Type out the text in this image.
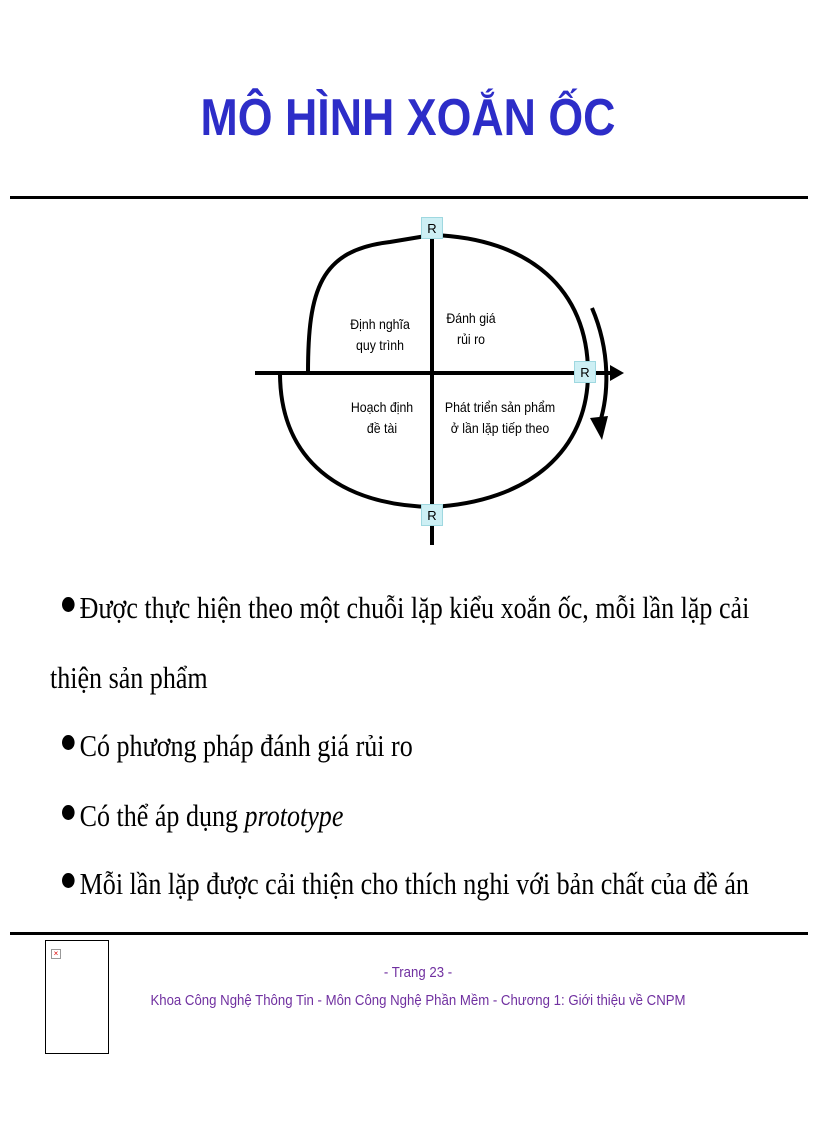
MÔ HÌNH XOẮN ỐC
R
R
R
Định nghĩa
quy trình
Đánh giá
rủi ro
Hoạch định
đề tài
Phát triển sản phẩm
ở lần lặp tiếp theo
Được thực hiện theo một chuỗi lặp kiểu xoắn ốc, mỗi lần lặp cải
thiện sản phẩm
Có phương pháp đánh giá rủi ro
Có thể áp dụng prototype
Mỗi lần lặp được cải thiện cho thích nghi với bản chất của đề án
×
- Trang 23 -
Khoa Công Nghệ Thông Tin - Môn Công Nghệ Phần Mềm - Chương 1: Giới thiệu về CNPM
